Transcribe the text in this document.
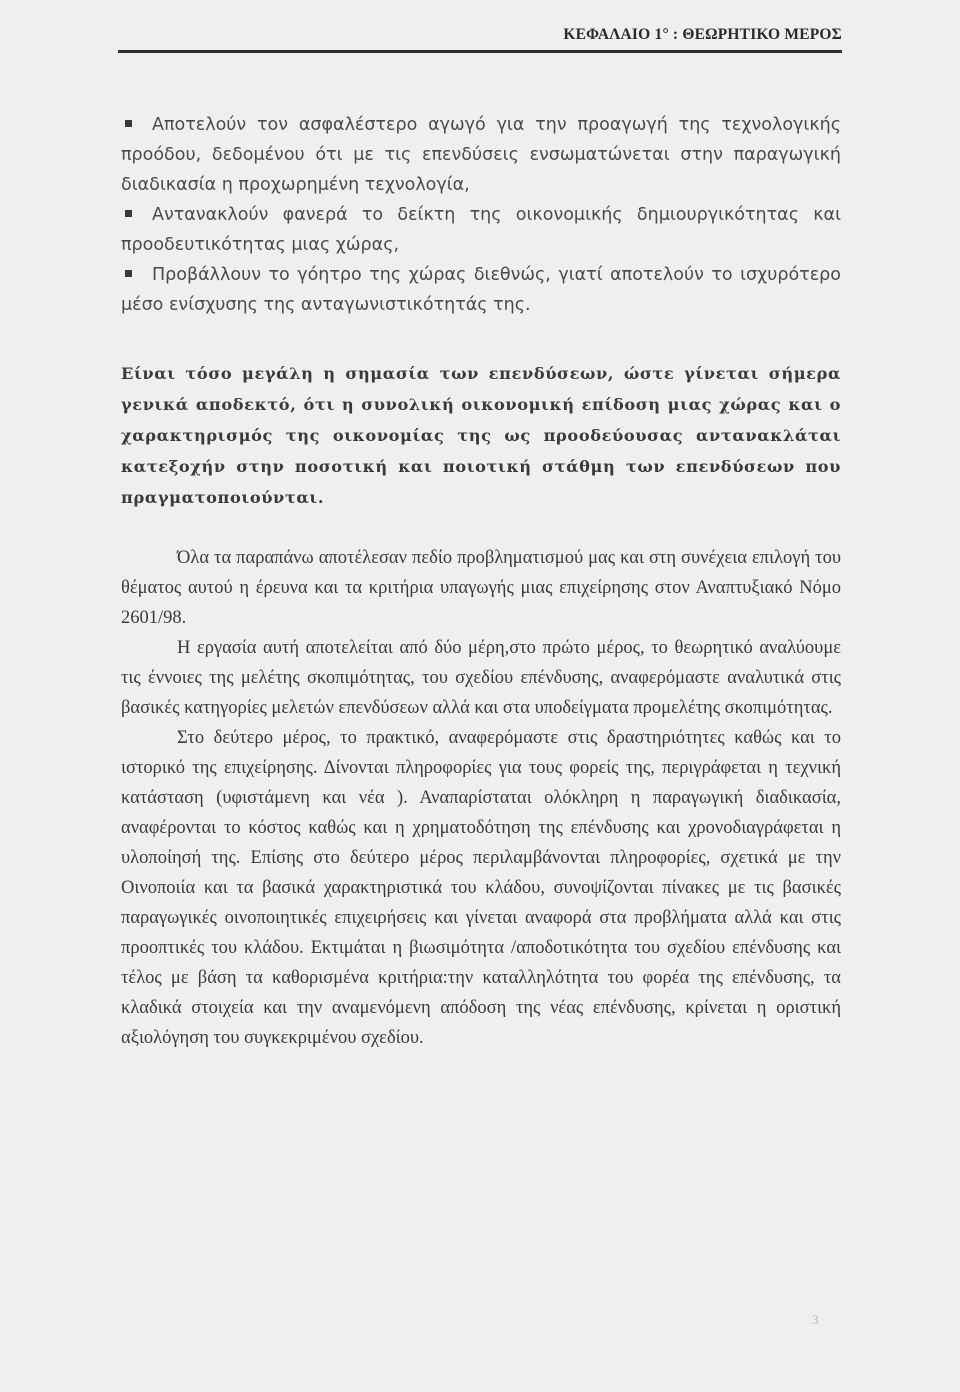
ΚΕΦΑΛΑΙΟ 1° : ΘΕΩΡΗΤΙΚΟ ΜΕΡΟΣ
Αποτελούν τον ασφαλέστερο αγωγό για την προαγωγή της τεχνολογικής προόδου, δεδομένου ότι με τις επενδύσεις ενσωματώνεται στην παραγωγική διαδικασία η προχωρημένη τεχνολογία,
Αντανακλούν φανερά το δείκτη της οικονομικής δημιουργικότητας και προοδευτικότητας μιας χώρας,
Προβάλλουν το γόητρο της χώρας διεθνώς, γιατί αποτελούν το ισχυρότερο μέσο ενίσχυσης της ανταγωνιστικότητάς της.

Είναι τόσο μεγάλη η σημασία των επενδύσεων, ώστε γίνεται σήμερα γενικά αποδεκτό, ότι η συνολική οικονομική επίδοση μιας χώρας και ο χαρακτηρισμός της οικονομίας της ως προοδεύουσας αντανακλάται κατεξοχήν στην ποσοτική και ποιοτική στάθμη των επενδύσεων που πραγματοποιούνται.

Όλα τα παραπάνω αποτέλεσαν πεδίο προβληματισμού μας και στη συνέχεια επιλογή του θέματος αυτού η έρευνα και τα κριτήρια υπαγωγής μιας επιχείρησης στον Αναπτυξιακό Νόμο 2601/98.

Η εργασία αυτή αποτελείται από δύο μέρη,στο πρώτο μέρος, το θεωρητικό αναλύουμε τις έννοιες της μελέτης σκοπιμότητας, του σχεδίου επένδυσης, αναφερόμαστε αναλυτικά στις βασικές κατηγορίες μελετών επενδύσεων αλλά και στα υποδείγματα προμελέτης σκοπιμότητας.

Στο δεύτερο μέρος, το πρακτικό, αναφερόμαστε στις δραστηριότητες καθώς και το ιστορικό της επιχείρησης. Δίνονται πληροφορίες για τους φορείς της, περιγράφεται η τεχνική κατάσταση (υφιστάμενη και νέα ). Αναπαρίσταται ολόκληρη η παραγωγική διαδικασία, αναφέρονται το κόστος καθώς και η χρηματοδότηση της επένδυσης και χρονοδιαγράφεται η υλοποίησή της. Επίσης στο δεύτερο μέρος περιλαμβάνονται πληροφορίες, σχετικά με την Οινοποιία και τα βασικά χαρακτηριστικά του κλάδου, συνοψίζονται πίνακες με τις βασικές παραγωγικές οινοποιητικές επιχειρήσεις και γίνεται αναφορά στα προβλήματα αλλά και στις προοπτικές του κλάδου. Εκτιμάται η βιωσιμότητα /αποδοτικότητα του σχεδίου επένδυσης και τέλος με βάση τα καθορισμένα κριτήρια:την καταλληλότητα του φορέα της επένδυσης, τα κλαδικά στοιχεία και την αναμενόμενη απόδοση της νέας επένδυσης, κρίνεται η οριστική αξιολόγηση του συγκεκριμένου σχεδίου.

3
